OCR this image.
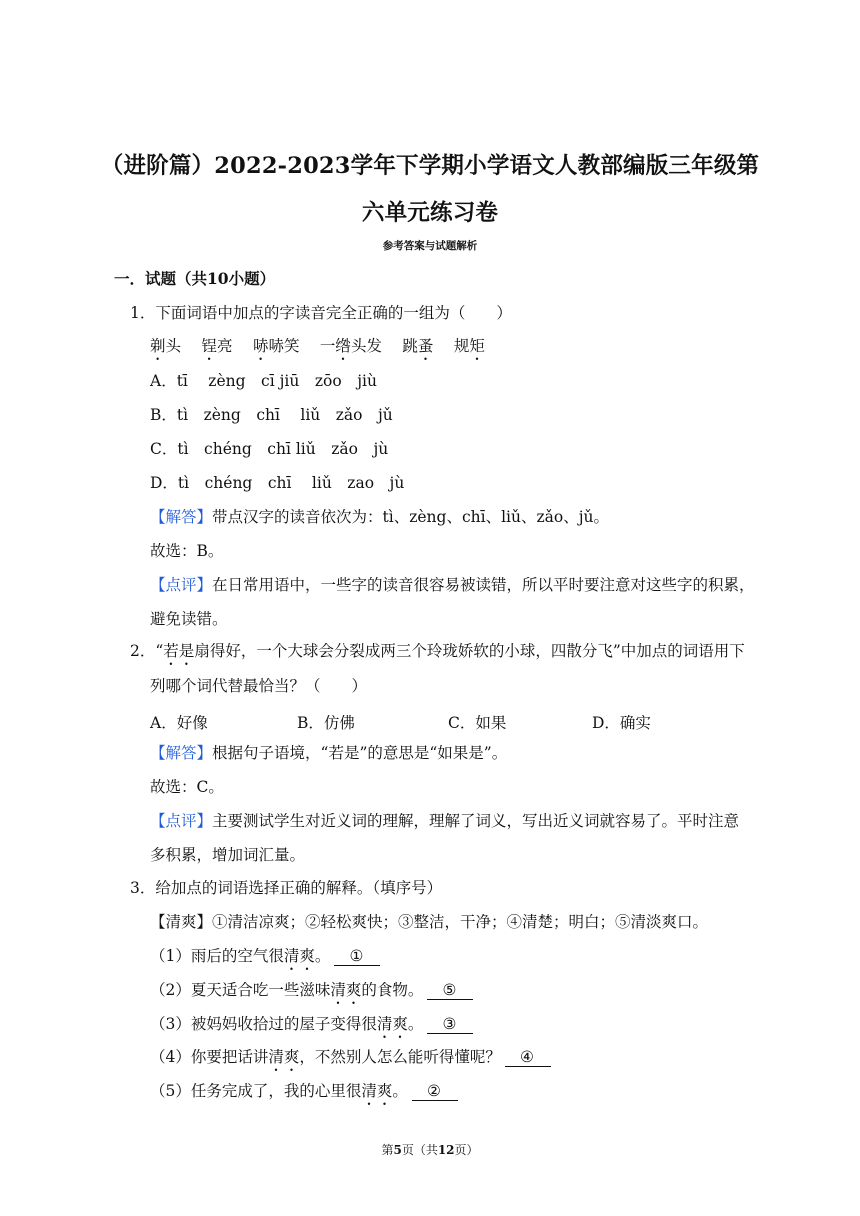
（进阶篇）2022-2023学年下学期小学语文人教部编版三年级第
六单元练习卷
参考答案与试题解析
一．试题（共10小题）
1．下面词语中加点的字读音完全正确的一组为（　　）
剃头　 锃亮　 哧哧笑　 一绺头发　 跳蚤　 规矩
A．tī　 zèng　cī jiū　zōo　jiù
B．tì　zèng　chī　 liǔ　zǎo　jǔ
C．tì　chéng　chī liǔ　zǎo　jù
D．tì　chéng　chī　 liǔ　zao　jù
【解答】带点汉字的读音依次为：tì、zèng、chī、liǔ、zǎo、jǔ。
故选：B。
【点评】在日常用语中，一些字的读音很容易被读错，所以平时要注意对这些字的积累，
避免读错。
2．“若是扇得好，一个大球会分裂成两三个玲珑娇软的小球，四散分飞”中加点的词语用下
列哪个词代替最恰当？（　　）
A．好像	B．仿佛	C．如果	D．确实
【解答】根据句子语境，“若是”的意思是“如果是”。
故选：C。
【点评】主要测试学生对近义词的理解，理解了词义，写出近义词就容易了。平时注意
多积累，增加词汇量。
3．给加点的词语选择正确的解释。（填序号）
【清爽】①清洁凉爽；②轻松爽快；③整洁，干净；④清楚；明白；⑤清淡爽口。
（1）雨后的空气很清爽。 ①
（2）夏天适合吃一些滋味清爽的食物。 ⑤
（3）被妈妈收拾过的屋子变得很清爽。 ③
（4）你要把话讲清爽，不然别人怎么能听得懂呢？ ④
（5）任务完成了，我的心里很清爽。 ②
第5页（共12页）
